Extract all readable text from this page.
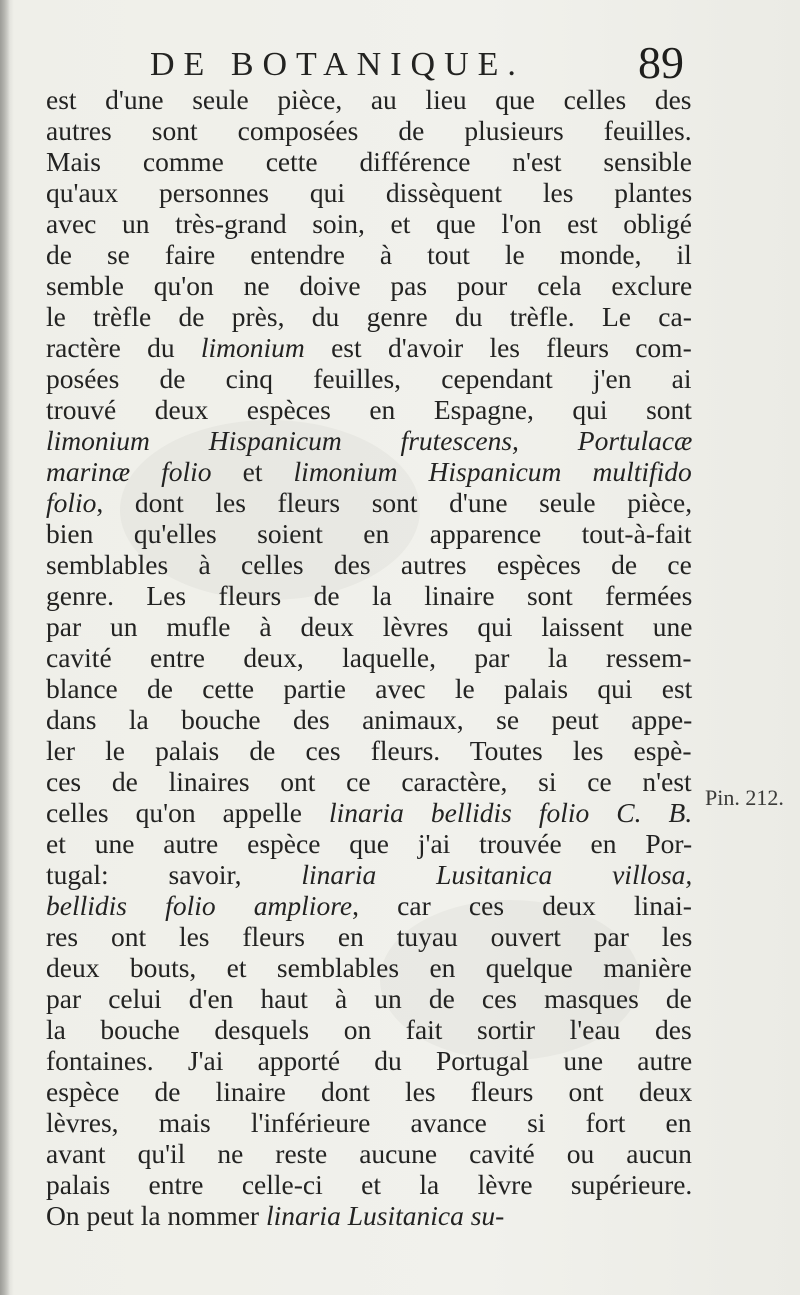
DE BOTANIQUE.	89
est d'une seule pièce, au lieu que celles des
autres sont composées de plusieurs feuilles.
Mais comme cette différence n'est sensible
qu'aux personnes qui dissèquent les plantes
avec un très-grand soin, et que l'on est obligé
de se faire entendre à tout le monde, il
semble qu'on ne doive pas pour cela exclure
le trèfle de près, du genre du trèfle. Le ca-
ractère du limonium est d'avoir les fleurs com-
posées de cinq feuilles, cependant j'en ai
trouvé deux espèces en Espagne, qui sont
limonium Hispanicum frutescens, Portulacæ
marinæ folio et limonium Hispanicum multifido
folio, dont les fleurs sont d'une seule pièce,
bien qu'elles soient en apparence tout-à-fait
semblables à celles des autres espèces de ce
genre. Les fleurs de la linaire sont fermées
par un mufle à deux lèvres qui laissent une
cavité entre deux, laquelle, par la ressem-
blance de cette partie avec le palais qui est
dans la bouche des animaux, se peut appe-
ler le palais de ces fleurs. Toutes les espè-
ces de linaires ont ce caractère, si ce n'est
celles qu'on appelle linaria bellidis folio C. B.
et une autre espèce que j'ai trouvée en Por-
tugal: savoir, linaria Lusitanica villosa,
bellidis folio ampliore, car ces deux linai-
res ont les fleurs en tuyau ouvert par les
deux bouts, et semblables en quelque manière
par celui d'en haut à un de ces masques de
la bouche desquels on fait sortir l'eau des
fontaines. J'ai apporté du Portugal une autre
espèce de linaire dont les fleurs ont deux
lèvres, mais l'inférieure avance si fort en
avant qu'il ne reste aucune cavité ou aucun
palais entre celle-ci et la lèvre supérieure.
On peut la nommer linaria Lusitanica su-
Pin. 212.
